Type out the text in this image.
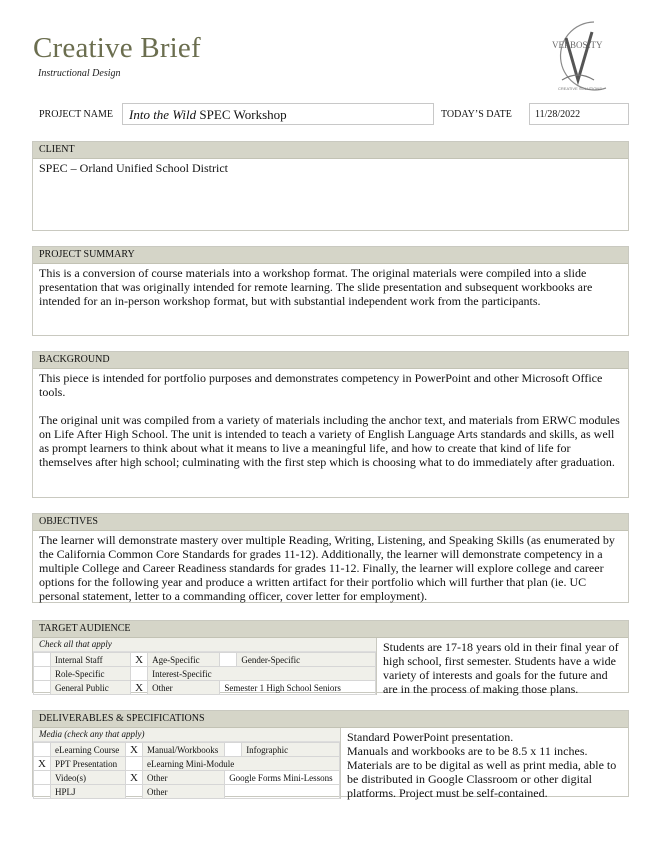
Creative Brief
Instructional Design
VERBOSITY
CREATIVE SOLUTIONS
PROJECT NAME	Into the Wild SPEC Workshop	TODAY’S DATE	11/28/2022
CLIENT
SPEC – Orland Unified School District
PROJECT SUMMARY
This is a conversion of course materials into a workshop format. The original materials were compiled into a slide presentation that was originally intended for remote learning. The slide presentation and subsequent workbooks are intended for an in-person workshop format, but with substantial independent work from the participants.
BACKGROUND

This piece is intended for portfolio purposes and demonstrates competency in PowerPoint and other Microsoft Office tools.

The original unit was compiled from a variety of materials including the anchor text, and materials from ERWC modules on Life After High School. The unit is intended to teach a variety of English Language Arts standards and skills, as well as prompt learners to think about what it means to live a meaningful life, and how to create that kind of life for themselves after high school; culminating with the first step which is choosing what to do immediately after graduation.

OBJECTIVES
The learner will demonstrate mastery over multiple Reading, Writing, Listening, and Speaking Skills (as enumerated by the California Common Core Standards for grades 11-12). Additionally, the learner will demonstrate competency in a multiple College and Career Readiness standards for grades 11-12. Finally, the learner will explore college and career options for the following year and produce a written artifact for their portfolio which will further that plan (ie. UC personal statement, letter to a commanding officer, cover letter for employment).
TARGET AUDIENCE
Check all that apply
	Internal Staff	X	Age-Specific		Gender-Specific
	Role-Specific		Interest-Specific		
	General Public	X	Other	Semester 1 High School Seniors	
Students are 17-18 years old in their final year of high school, first semester. Students have a wide variety of interests and goals for the future and are in the process of making those plans.
DELIVERABLES & SPECIFICATIONS
Media (check any that apply)
	eLearning Course	X	Manual/Workbooks		Infographic
X	PPT Presentation		eLearning Mini-Module		
	Video(s)	X	Other	Google Forms Mini-Lessons	
	HPLJ		Other		
Standard PowerPoint presentation.
Manuals and workbooks are to be 8.5 x 11 inches. Materials are to be digital as well as print media, able to be distributed in Google Classroom or other digital platforms. Project must be self-contained.
